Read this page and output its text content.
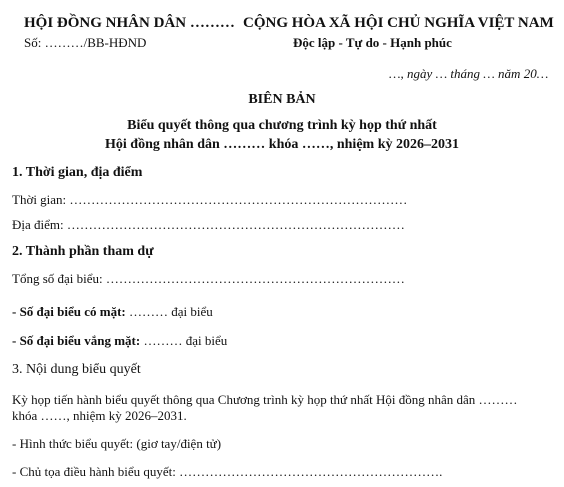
HỘI ĐỒNG NHÂN DÂN ………

Số: ………/BB-HĐND

CỘNG HÒA XÃ HỘI CHỦ NGHĨA VIỆT NAM

Độc lập - Tự do - Hạnh phúc

…, ngày … tháng … năm 20…

BIÊN BẢN

Biểu quyết thông qua chương trình kỳ họp thứ nhất

Hội đồng nhân dân ……… khóa ……, nhiệm kỳ 2026–2031

1. Thời gian, địa điểm

Thời gian: ……………………………………………………………………

Địa điểm: ……………………………………………………………………

2. Thành phần tham dự

Tổng số đại biểu: ……………………………………………………………

- Số đại biểu có mặt: ……… đại biểu

- Số đại biểu vắng mặt: ……… đại biểu

3. Nội dung biểu quyết

Kỳ họp tiến hành biểu quyết thông qua Chương trình kỳ họp thứ nhất Hội đồng nhân dân ………

khóa ……, nhiệm kỳ 2026–2031.

- Hình thức biểu quyết: (giơ tay/điện tử)

- Chủ tọa điều hành biểu quyết: …………………………………………………….
